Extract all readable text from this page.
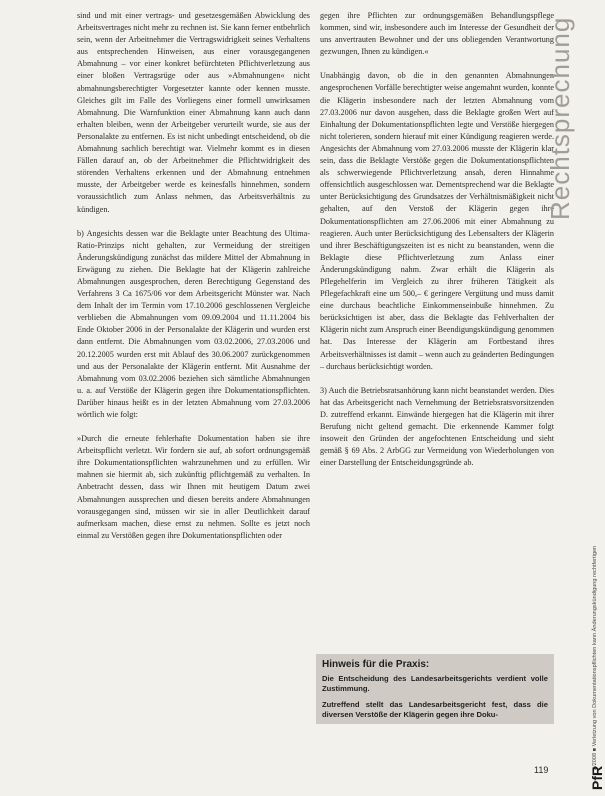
sind und mit einer vertrags- und gesetzesgemäßen Abwicklung des Arbeitsvertrages nicht mehr zu rechnen ist. Sie kann ferner entbehrlich sein, wenn der Arbeitnehmer die Vertragswidrigkeit seines Verhaltens aus entsprechenden Hinweisen, aus einer vorausgegangenen Abmahnung – vor einer konkret befürchteten Pflichtverletzung aus einer bloßen Vertragsrüge oder aus »Abmahnungen« nicht abmahnungsberechtigter Vorgesetzter kannte oder kennen musste. Gleiches gilt im Falle des Vorliegens einer formell unwirksamen Abmahnung. Die Warnfunktion einer Abmahnung kann auch dann erhalten bleiben, wenn der Arbeitgeber verurteilt wurde, sie aus der Personalakte zu entfernen. Es ist nicht unbedingt entscheidend, ob die Abmahnung sachlich berechtigt war. Vielmehr kommt es in diesen Fällen darauf an, ob der Arbeitnehmer die Pflichtwidrigkeit des störenden Verhaltens erkennen und der Abmahnung entnehmen musste, der Arbeitgeber werde es keinesfalls hinnehmen, sondern voraussichtlich zum Anlass nehmen, das Arbeitsverhältnis zu kündigen.

b) Angesichts dessen war die Beklagte unter Beachtung des Ultima-Ratio-Prinzips nicht gehalten, zur Vermeidung der streitigen Änderungskündigung zunächst das mildere Mittel der Abmahnung in Erwägung zu ziehen. Die Beklagte hat der Klägerin zahlreiche Abmahnungen ausgesprochen, deren Berechtigung Gegenstand des Verfahrens 3 Ca 1675/06 vor dem Arbeitsgericht Münster war. Nach dem Inhalt der im Termin vom 17.10.2006 geschlossenen Vergleiche verblieben die Abmahnungen vom 09.09.2004 und 11.11.2004 bis Ende Oktober 2006 in der Personalakte der Klägerin und wurden erst dann entfernt. Die Abmahnungen vom 03.02.2006, 27.03.2006 und 20.12.2005 wurden erst mit Ablauf des 30.06.2007 zurückgenommen und aus der Personalakte der Klägerin entfernt. Mit Ausnahme der Abmahnung vom 03.02.2006 beziehen sich sämtliche Abmahnungen u. a. auf Verstöße der Klägerin gegen ihre Dokumentationspflichten. Darüber hinaus heißt es in der letzten Abmahnung vom 27.03.2006 wörtlich wie folgt:

»Durch die erneute fehlerhafte Dokumentation haben sie ihre Arbeitspflicht verletzt. Wir fordern sie auf, ab sofort ordnungsgemäß ihre Dokumentationspflichten wahrzunehmen und zu erfüllen. Wir mahnen sie hiermit ab, sich zukünftig pflichtgemäß zu verhalten. In Anbetracht dessen, dass wir Ihnen mit heutigem Datum zwei Abmahnungen aussprechen und diesen bereits andere Abmahnungen vorausgegangen sind, müssen wir sie in aller Deutlichkeit darauf aufmerksam machen, diese ernst zu nehmen. Sollte es jetzt noch einmal zu Verstößen gegen ihre Dokumentationspflichten oder

gegen ihre Pflichten zur ordnungsgemäßen Behandlungspflege kommen, sind wir, insbesondere auch im Interesse der Gesundheit der uns anvertrauten Bewohner und der uns obliegenden Verantwortung gezwungen, Ihnen zu kündigen.«

Unabhängig davon, ob die in den genannten Abmahnungen angesprochenen Vorfälle berechtigter weise angemahnt wurden, konnte die Klägerin insbesondere nach der letzten Abmahnung vom 27.03.2006 nur davon ausgehen, dass die Beklagte großen Wert auf Einhaltung der Dokumentationspflichten legte und Verstöße hiergegen nicht tolerieren, sondern hierauf mit einer Kündigung reagieren werde. Angesichts der Abmahnung vom 27.03.2006 musste der Klägerin klar sein, dass die Beklagte Verstöße gegen die Dokumentationspflichten als schwerwiegende Pflichtverletzung ansah, deren Hinnahme offensichtlich ausgeschlossen war. Dementsprechend war die Beklagte unter Berücksichtigung des Grundsatzes der Verhältnismäßigkeit nicht gehalten, auf den Verstoß der Klägerin gegen ihre Dokumentationspflichten am 27.06.2006 mit einer Abmahnung zu reagieren. Auch unter Berücksichtigung des Lebensalters der Klägerin und ihrer Beschäftigungszeiten ist es nicht zu beanstanden, wenn die Beklagte diese Pflichtverletzung zum Anlass einer Änderungskündigung nahm. Zwar erhält die Klägerin als Pflegehelferin im Vergleich zu ihrer früheren Tätigkeit als Pflegefachkraft eine um 500,– € geringere Vergütung und muss damit eine durchaus beachtliche Einkommenseinbuße hinnehmen. Zu berücksichtigen ist aber, dass die Beklagte das Fehlverhalten der Klägerin nicht zum Anspruch einer Beendigungskündigung genommen hat. Das Interesse der Klägerin am Fortbestand ihres Arbeitsverhältnisses ist damit – wenn auch zu geänderten Bedingungen – durchaus berücksichtigt worden.

3) Auch die Betriebsratsanhörung kann nicht beanstandet werden. Dies hat das Arbeitsgericht nach Vernehmung der Betriebsratsvorsitzenden D. zutreffend erkannt. Einwände hiergegen hat die Klägerin mit ihrer Berufung nicht geltend gemacht. Die erkennende Kammer folgt insoweit den Gründen der angefochtenen Entscheidung und sieht gemäß § 69 Abs. 2 ArbGG zur Vermeidung von Wiederholungen von einer Darstellung der Entscheidungsgründe ab.

Hinweis für die Praxis:

Die Entscheidung des Landesarbeitsgerichts verdient volle Zustimmung.

Zutreffend stellt das Landesarbeitsgericht fest, dass die diversen Verstöße der Klägerin gegen ihre Doku-

Rechtsprechung
2/2008 ■ Verletzung von Dokumentationspflichten kann Änderungskündigung rechtfertigen
PfR
119
